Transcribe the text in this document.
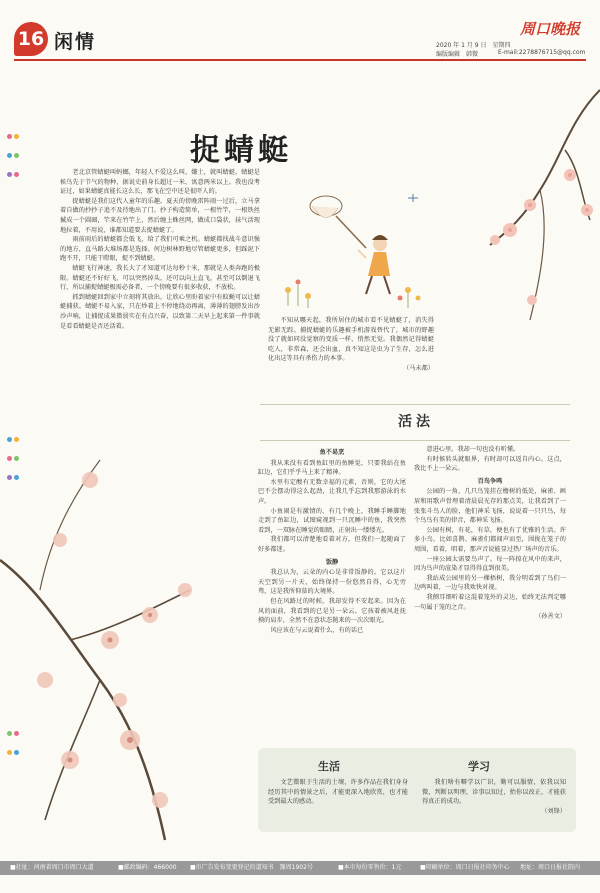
16 闲情
周口晚报
2020 年 1 月 9 日　星期四
编版编辑　韩微	E-mail:2278876715@qq.com

捉蜻蜓

老北京管蜻蜓叫蚂螂，年轻人不爱这么叫，嫌土，就叫蜻蜓。蜻蜓是候鸟先于节气的物种，据说史前身长超过一米，寓意两米以上。我也没考证过，如果蜻蜓真能长这么长，那飞在空中还是很吓人的。

捉蜻蜓是我们这代人童年的乐趣。夏天的傍晚雷阵雨一过后，立马拿着自做的抄抄子追不及待地出了门。抄子构造简单，一根竹竿，一根铁丝揻成一个圆圈，竿来在竹竿上，然后缠上蛛丝网，做成口袋状，抹气活现地拉着，不用说，谁都知道要去捉蜻蜓了。

雨前雨后的蜻蜓都会低飞，给了我们可乘之机。蜻蜓都找战斗意识强的地方，直马路大堆场都是选择。何边树林野地尽管蜻蜓更多，但踩泥下跑不开，只能干瞪眼，捉不到蜻蜓。

蜻蜓飞行神速，我长大了才知道可达每秒十米，那就是人类奔跑的极限。蜻蜓还不好好飞，可以突然掉头，还可以向上直飞，甚至可以倒退飞行，所以捕捉蜻蜓极需必备者，一个傍晚要有很多收获，不放松。

抓到蜻蜓回到家中立刻将其放出，让欣心里盼着家中有蚊蝇可以让蜻蜓捕获。蜻蜓不易入家，只在炒着上不停地绕动再离，薄薄的翅膀发出沙沙声响，让捕捉成果微弱实在有点兴奋，以致第二天早上起来第一件事就是看看蜻蜓是否还活着。

不知从哪天起，我所居住的城市看不见蜻蜓了，消失得无影无踪。捕捉蜻蜓的乐趣被手机游戏替代了，城市的野趣没了就如同没觉察的变质一样，悄然无觉。我偶然记得蜻蜓吃人，非常森，还会出血，真不知这是虫为了生存，怎么进化出这等具有杀伤力的本事。

（马未都）

活法

鱼不易烹

我从来没有看到鱼缸里的鱼睡觉，只要我站在鱼缸边，它们乎乎马上来了精神。

水里有定酸有无数幸福的元素，否则，它的大尾巴不会摆动得这么起劲，让我几乎忘到我那游泳的水声。

小鱼闹是有激情的，有几个晚上，我睡手睡脚地走到了鱼缸边，试图窥视到一只沉睡中的鱼，我突然看到，一双脉在睡觉的眼睛，正射出一缕缕光。

我们都可以清楚地看着对方，但我们一起随面了好多都迷。

饭静

我总认为，云朵的内心是非常饭静的。它以这片天空到另一片天，始终保持一份悠然自得，心无旁骛，这是我所仰慕的大境界。

但在风路过的时候，我却发得不安起来。因为在风的面前，我看到的已是另一朵云。它孩着被风赶抚摸的肩步，全然不在意状态抛来的一次次眼光。

风应该在与云说着什么，有的话已

意进心里。我却一句也没有听懂。

有时候转头就眼界，有时却可以返自内心。这点，我比不上一朵云。

百鸟争鸣

公园的一角，几只鸟笼挂在檐树的低处，麻雀、画眉和用歌声骨理着清晨晨光存的那点美，让我看到了一张张斗鸟人的脸，他们神采飞扬，说说着一只只鸟，每个鸟鸟有美的律音，都神采飞扬。

公园有树，有花，有草，便也有了优雅的生活。许多小鸟，比如喜鹊、麻雀们都闻声而至，围拢在笼子的周围，看着，唱着，那声音说能显过热厂场声的音乐。

一座公园太需要鸟声了。每一阵掠在风中的来声，因为鸟声的渲染才显得得直到很美。

我站成公园里的另一棵梧树，我分明看到了鸟们一边鸣叫着，一边与我欢快对视。

我侧耳细听着这混着笼外的灵达，始终无法判定哪一句属于笼的之音。

（孙善文）

生活

文艺微眼于生活的土壤，许多作品在我们身身经历其中的情景之后，才能更深入地欣赏，也才能受到最大的感动。

学习

我们啥有噼学以广识，勤可以服情，依我以知微，判断以明理，诊事以知过，抬你以改正，才能获得真正的成功。

（刘锋）

■社址：河南省周口市周口大道	■邮政编码：466000 ■市广告发布变更登记的道知书　豫周1902号	■本市每份零售价：1元	■印刷单位：周口日报社印务中心 地址：周口日报社院内
